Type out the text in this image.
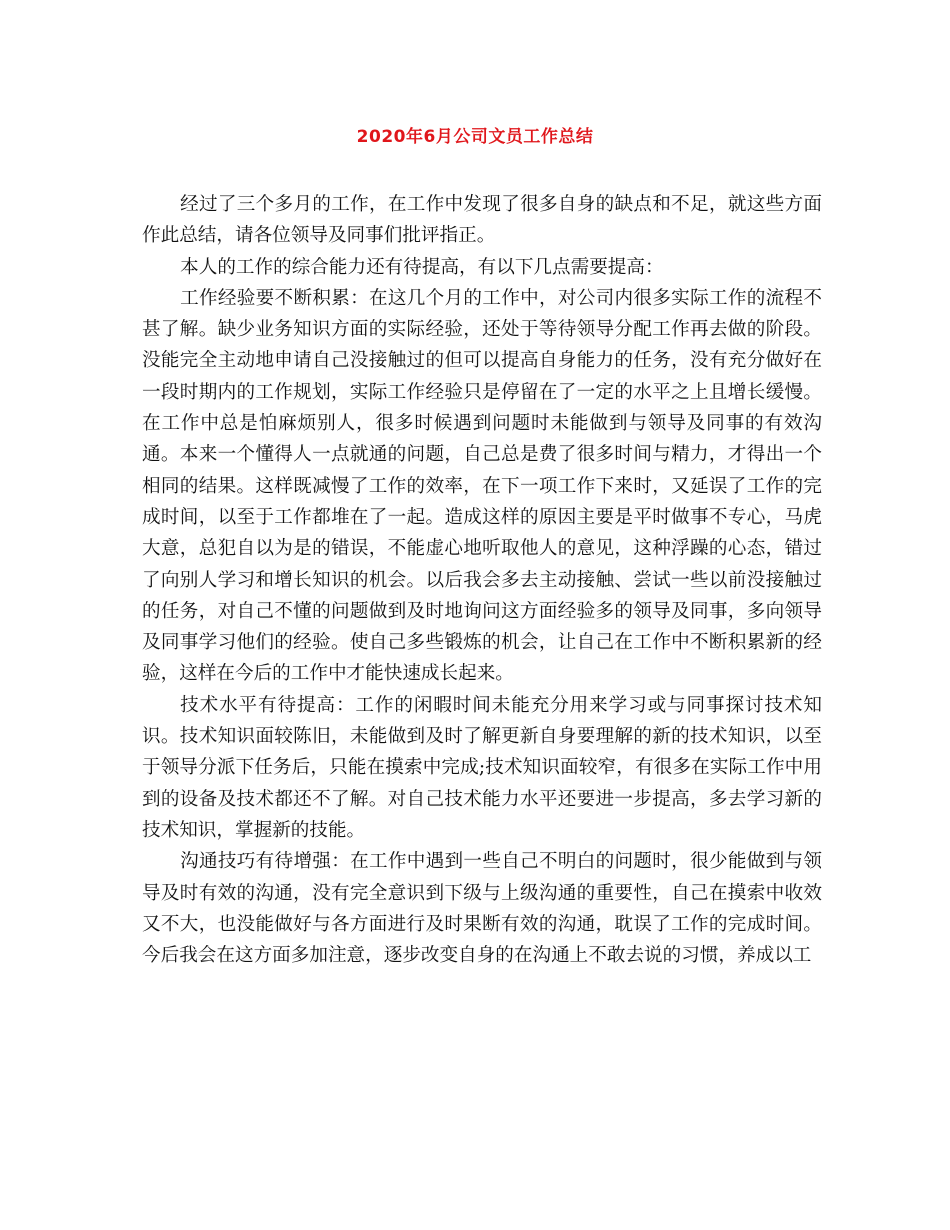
2020年6月公司文员工作总结

经过了三个多月的工作，在工作中发现了很多自身的缺点和不足，就这些方面作此总结，请各位领导及同事们批评指正。

本人的工作的综合能力还有待提高，有以下几点需要提高：

工作经验要不断积累：在这几个月的工作中，对公司内很多实际工作的流程不甚了解。缺少业务知识方面的实际经验，还处于等待领导分配工作再去做的阶段。没能完全主动地申请自己没接触过的但可以提高自身能力的任务，没有充分做好在一段时期内的工作规划，实际工作经验只是停留在了一定的水平之上且增长缓慢。在工作中总是怕麻烦别人，很多时候遇到问题时未能做到与领导及同事的有效沟通。本来一个懂得人一点就通的问题，自己总是费了很多时间与精力，才得出一个相同的结果。这样既减慢了工作的效率，在下一项工作下来时，又延误了工作的完成时间，以至于工作都堆在了一起。造成这样的原因主要是平时做事不专心，马虎大意，总犯自以为是的错误，不能虚心地听取他人的意见，这种浮躁的心态，错过了向别人学习和增长知识的机会。以后我会多去主动接触、尝试一些以前没接触过的任务，对自己不懂的问题做到及时地询问这方面经验多的领导及同事，多向领导及同事学习他们的经验。使自己多些锻炼的机会，让自己在工作中不断积累新的经验，这样在今后的工作中才能快速成长起来。

技术水平有待提高：工作的闲暇时间未能充分用来学习或与同事探讨技术知识。技术知识面较陈旧，未能做到及时了解更新自身要理解的新的技术知识，以至于领导分派下任务后，只能在摸索中完成;技术知识面较窄，有很多在实际工作中用到的设备及技术都还不了解。对自己技术能力水平还要进一步提高，多去学习新的技术知识，掌握新的技能。

沟通技巧有待增强：在工作中遇到一些自己不明白的问题时，很少能做到与领导及时有效的沟通，没有完全意识到下级与上级沟通的重要性，自己在摸索中收效又不大，也没能做好与各方面进行及时果断有效的沟通，耽误了工作的完成时间。今后我会在这方面多加注意，逐步改变自身的在沟通上不敢去说的习惯，养成以工
